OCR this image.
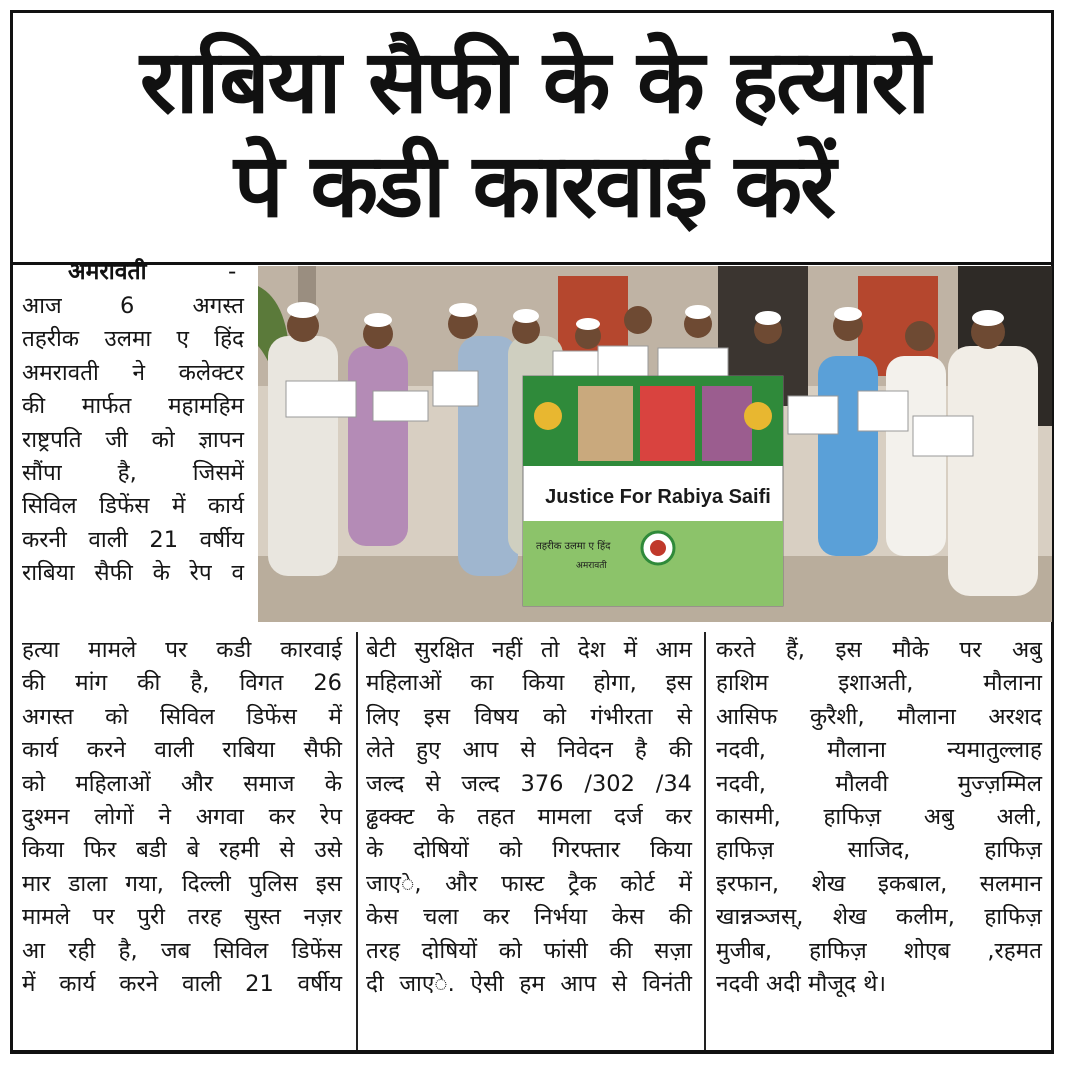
राबिया सैफी के के हत्यारो
पे कडी कारवाई करें
अमरावती	-
आज 6 अगस्त
तहरीक उलमा ए हिंद
अमरावती ने कलेक्टर
की मार्फत महामहिम
राष्ट्रपति जी को ज्ञापन
सौंपा है, जिसमें
सिविल डिफेंस में कार्य
करनी वाली 21 वर्षीय
राबिया सैफी के रेप व
Justice For Rabiya Saifi
तहरीक उलमा ए हिंद
अमरावती
हत्या मामले पर कडी कारवाई
की मांग की है, विगत 26
अगस्त को सिविल डिफेंस में
कार्य करने वाली राबिया सैफी
को महिलाओं और समाज के
दुश्मन लोगों ने अगवा कर रेप
किया फिर बडी बे रहमी से उसे
मार डाला गया, दिल्ली पुलिस इस
मामले पर पुरी तरह सुस्त नज़र
आ रही है, जब सिविल डिफेंस
में कार्य करने वाली 21 वर्षीय
बेटी सुरक्षित नहीं तो देश में आम
महिलाओं का किया होगा, इस
लिए इस विषय को गंभीरता से
लेते हुए आप से निवेदन है की
जल्द से जल्द 376 /302 /34
ढ्ढक्क्ट के तहत मामला दर्ज कर
के दोषियों को गिरफ्तार किया
जाएे, और फास्ट ट्रैक कोर्ट में
केस चला कर निर्भया केस की
तरह दोषियों को फांसी की सज़ा
दी जाएे. ऐसी हम आप से विनंती
करते हैं, इस मौके पर अबु
हाशिम इशाअती, मौलाना
आसिफ कुरैशी, मौलाना अरशद
नदवी, मौलाना न्यमातुल्लाह
नदवी, मौलवी मुज्ज़म्मिल
कासमी, हाफिज़ अबु अली,
हाफिज़ साजिद, हाफिज़
इरफान, शेख इकबाल, सलमान
खान्नञ्जस्, शेख कलीम, हाफिज़
मुजीब, हाफिज़ शोएब ,रहमत
नदवी अदी मौजूद थे।
